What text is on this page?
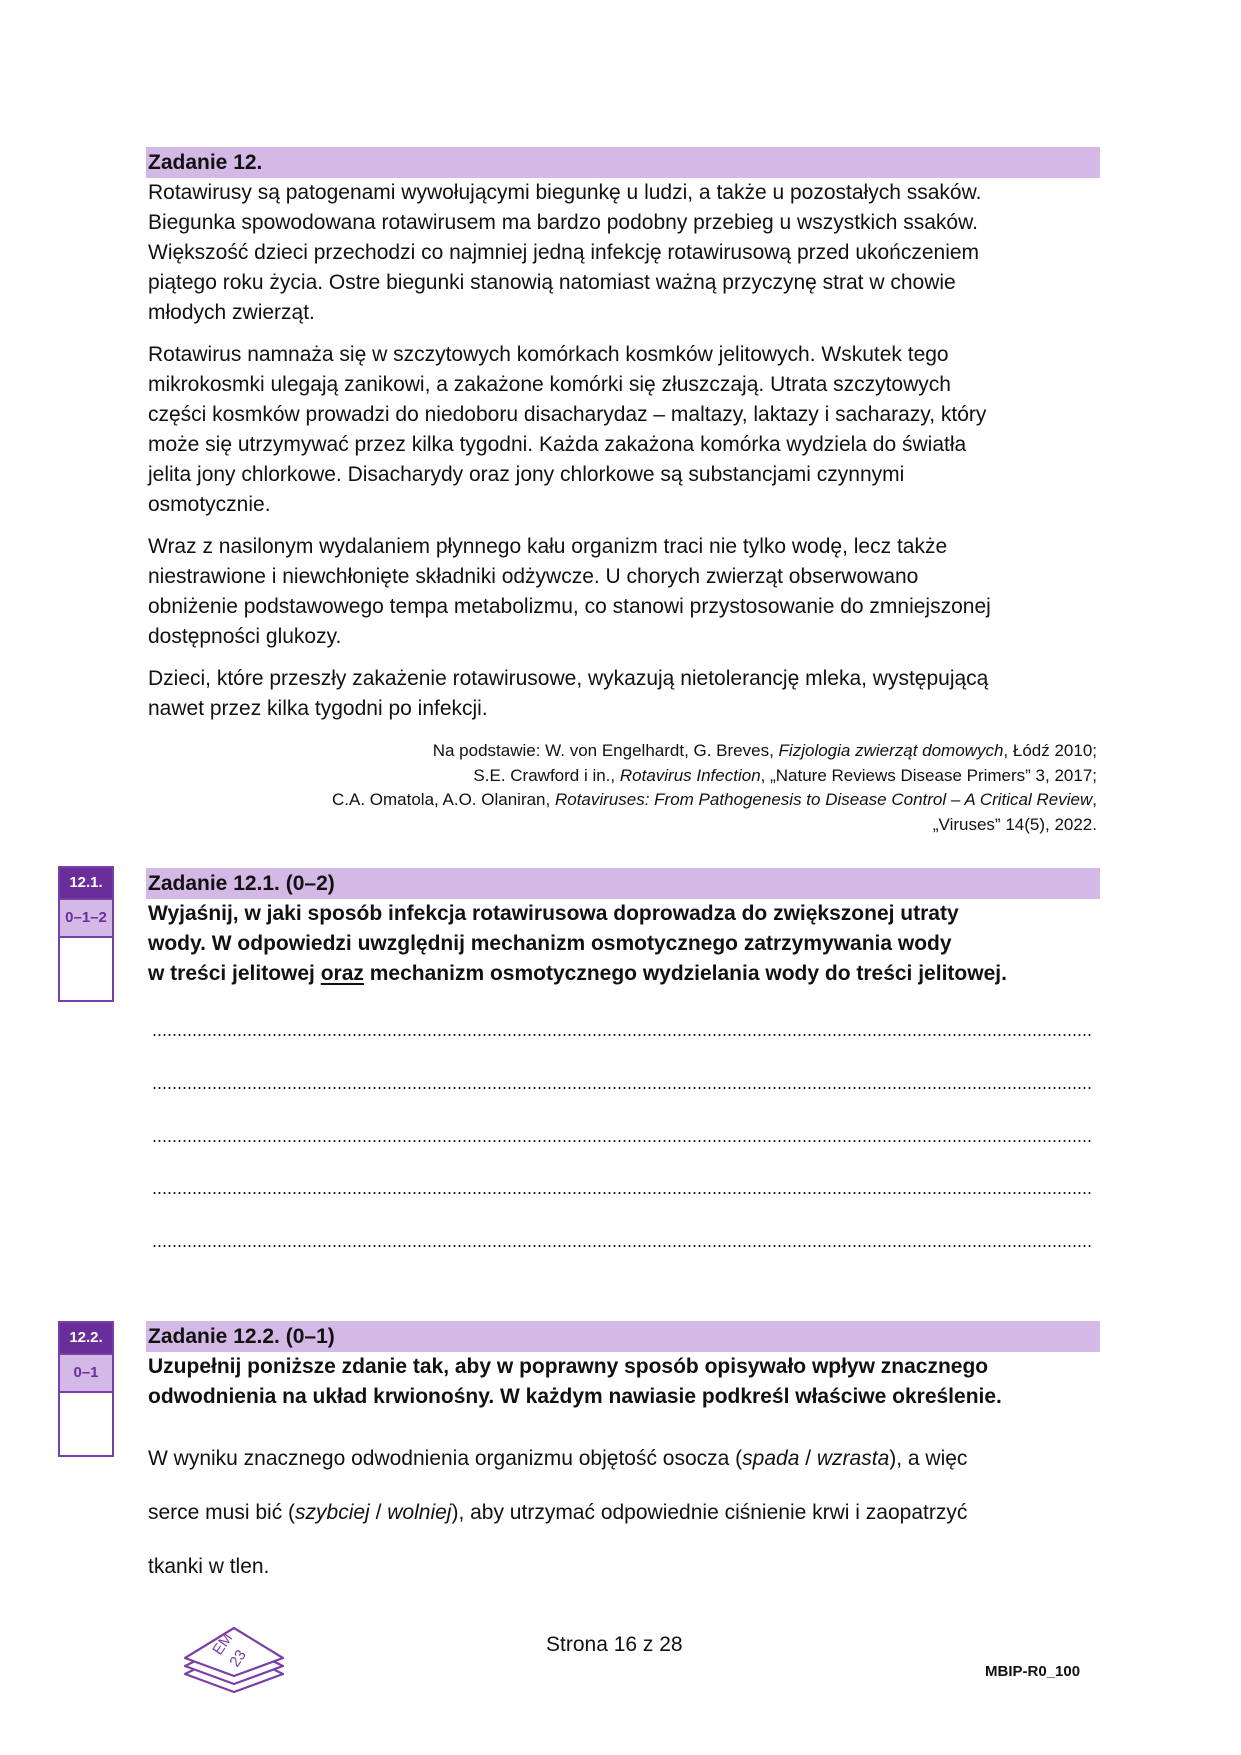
Zadanie 12.

Rotawirusy są patogenami wywołującymi biegunkę u ludzi, a także u pozostałych ssaków.
Biegunka spowodowana rotawirusem ma bardzo podobny przebieg u wszystkich ssaków.
Większość dzieci przechodzi co najmniej jedną infekcję rotawirusową przed ukończeniem
piątego roku życia. Ostre biegunki stanowią natomiast ważną przyczynę strat w chowie
młodych zwierząt.

Rotawirus namnaża się w szczytowych komórkach kosmków jelitowych. Wskutek tego
mikrokosmki ulegają zanikowi, a zakażone komórki się złuszczają. Utrata szczytowych
części kosmków prowadzi do niedoboru disacharydaz – maltazy, laktazy i sacharazy, który
może się utrzymywać przez kilka tygodni. Każda zakażona komórka wydziela do światła
jelita jony chlorkowe. Disacharydy oraz jony chlorkowe są substancjami czynnymi
osmotycznie.

Wraz z nasilonym wydalaniem płynnego kału organizm traci nie tylko wodę, lecz także
niestrawione i niewchłonięte składniki odżywcze. U chorych zwierząt obserwowano
obniżenie podstawowego tempa metabolizmu, co stanowi przystosowanie do zmniejszonej
dostępności glukozy.

Dzieci, które przeszły zakażenie rotawirusowe, wykazują nietolerancję mleka, występującą
nawet przez kilka tygodni po infekcji.

Na podstawie: W. von Engelhardt, G. Breves, Fizjologia zwierząt domowych, Łódź 2010;
S.E. Crawford i in., Rotavirus Infection, „Nature Reviews Disease Primers” 3, 2017;
C.A. Omatola, A.O. Olaniran, Rotaviruses: From Pathogenesis to Disease Control – A Critical Review,
„Viruses” 14(5), 2022.
12.1.
0–1–2
Zadanie 12.1. (0–2)

Wyjaśnij, w jaki sposób infekcja rotawirusowa doprowadza do zwiększonej utraty
wody. W odpowiedzi uwzględnij mechanizm osmotycznego zatrzymywania wody
w treści jelitowej oraz mechanizm osmotycznego wydzielania wody do treści jelitowej.

12.2.
0–1
Zadanie 12.2. (0–1)

Uzupełnij poniższe zdanie tak, aby w poprawny sposób opisywało wpływ znacznego
odwodnienia na układ krwionośny. W każdym nawiasie podkreśl właściwe określenie.

W wyniku znacznego odwodnienia organizmu objętość osocza (spada / wzrasta), a więc
serce musi bić (szybciej / wolniej), aby utrzymać odpowiednie ciśnienie krwi i zaopatrzyć
tkanki w tlen.

EM
23
Strona 16 z 28
MBIP-R0_100
